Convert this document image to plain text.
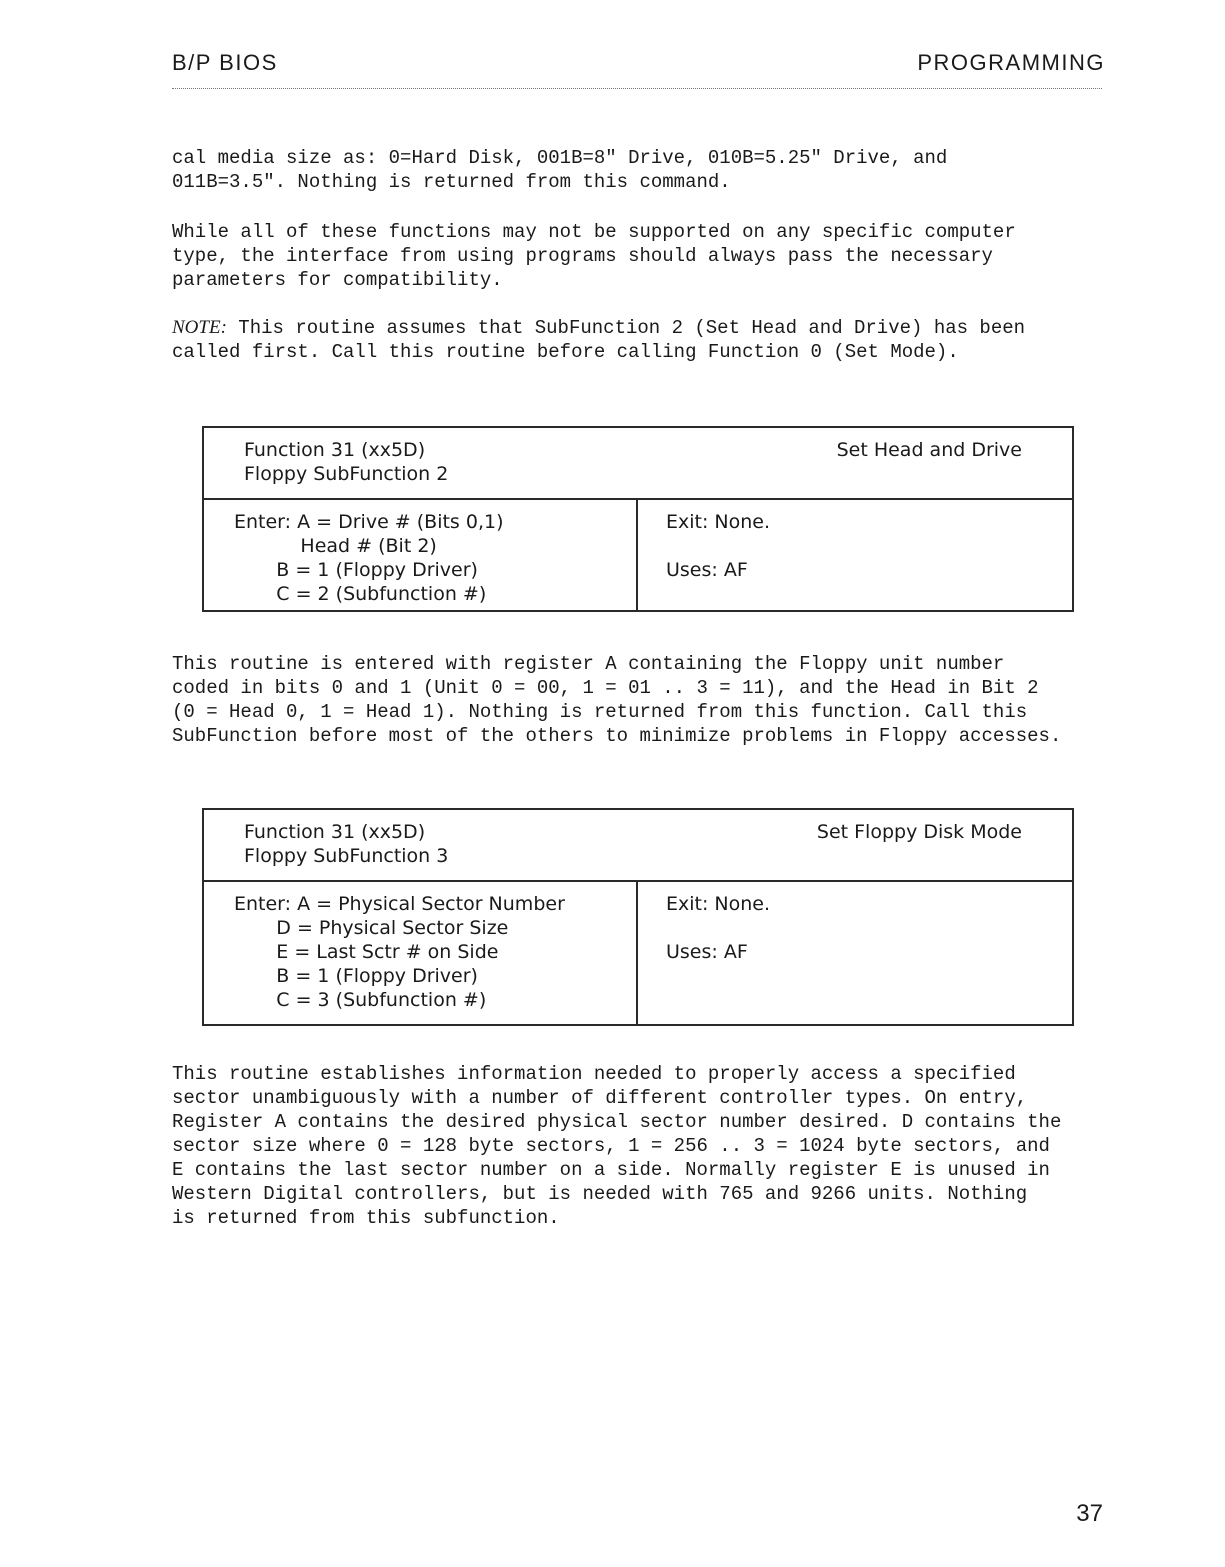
B/P BIOS	PROGRAMMING

cal media size as: 0=Hard Disk, 001B=8" Drive, 010B=5.25" Drive, and

011B=3.5". Nothing is returned from this command.

While all of these functions may not be supported on any specific computer

type, the interface from using programs should always pass the necessary

parameters for compatibility.

NOTE: This routine assumes that SubFunction 2 (Set Head and Drive) has been

called first. Call this routine before calling Function 0 (Set Mode).

Function 31 (xx5D)
Floppy SubFunction 2
Set Head and Drive
Enter: A = Drive # (Bits 0,1)
Head # (Bit 2)
B = 1 (Floppy Driver)
C = 2 (Subfunction #)
Exit: None.
Uses: AF

This routine is entered with register A containing the Floppy unit number

coded in bits 0 and 1 (Unit 0 = 00, 1 = 01 .. 3 = 11), and the Head in Bit 2

(0 = Head 0, 1 = Head 1). Nothing is returned from this function. Call this

SubFunction before most of the others to minimize problems in Floppy accesses.

Function 31 (xx5D)
Floppy SubFunction 3
Set Floppy Disk Mode
Enter: A = Physical Sector Number
D = Physical Sector Size
E = Last Sctr # on Side
B = 1 (Floppy Driver)
C = 3 (Subfunction #)
Exit: None.
Uses: AF

This routine establishes information needed to properly access a specified

sector unambiguously with a number of different controller types. On entry,

Register A contains the desired physical sector number desired. D contains the

sector size where 0 = 128 byte sectors, 1 = 256 .. 3 = 1024 byte sectors, and

E contains the last sector number on a side. Normally register E is unused in

Western Digital controllers, but is needed with 765 and 9266 units. Nothing

is returned from this subfunction.

37
